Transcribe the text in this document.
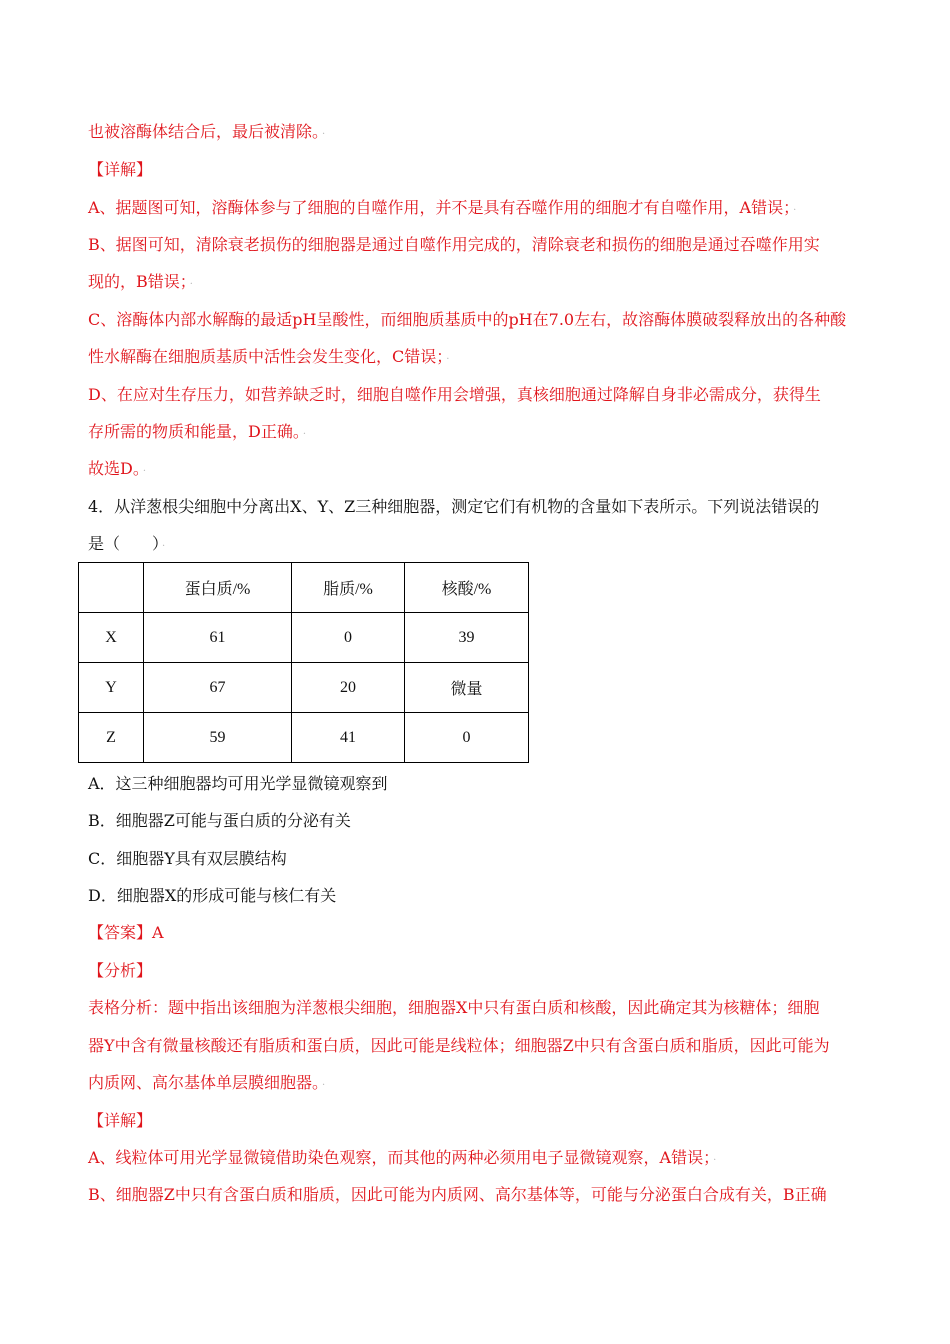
也被溶酶体结合后，最后被清除。 ·
【详解】
A、据题图可知，溶酶体参与了细胞的自噬作用，并不是具有吞噬作用的细胞才有自噬作用，A错误； ·
B、据图可知，清除衰老损伤的细胞器是通过自噬作用完成的，清除衰老和损伤的细胞是通过吞噬作用实
现的，B错误； ·
C、溶酶体内部水解酶的最适pH呈酸性，而细胞质基质中的pH在7.0左右，故溶酶体膜破裂释放出的各种酸
性水解酶在细胞质基质中活性会发生变化，C错误； ·
D、在应对生存压力，如营养缺乏时，细胞自噬作用会增强，真核细胞通过降解自身非必需成分，获得生
存所需的物质和能量，D正确。 ·
故选D。 ·
4．从洋葱根尖细胞中分离出X、Y、Z三种细胞器，测定它们有机物的含量如下表所示。下列说法错误的
是（　　） ·
	蛋白质/%	脂质/%	核酸/%
X	61	0	39
Y	67	20	微量
Z	59	41	0
A．这三种细胞器均可用光学显微镜观察到
B．细胞器Z可能与蛋白质的分泌有关
C．细胞器Y具有双层膜结构
D．细胞器X的形成可能与核仁有关
【答案】A
【分析】
表格分析：题中指出该细胞为洋葱根尖细胞，细胞器X中只有蛋白质和核酸，因此确定其为核糖体；细胞
器Y中含有微量核酸还有脂质和蛋白质，因此可能是线粒体；细胞器Z中只有含蛋白质和脂质，因此可能为
内质网、高尔基体单层膜细胞器。 ·
【详解】
A、线粒体可用光学显微镜借助染色观察，而其他的两种必须用电子显微镜观察，A错误； ·
B、细胞器Z中只有含蛋白质和脂质，因此可能为内质网、高尔基体等，可能与分泌蛋白合成有关，B正确
